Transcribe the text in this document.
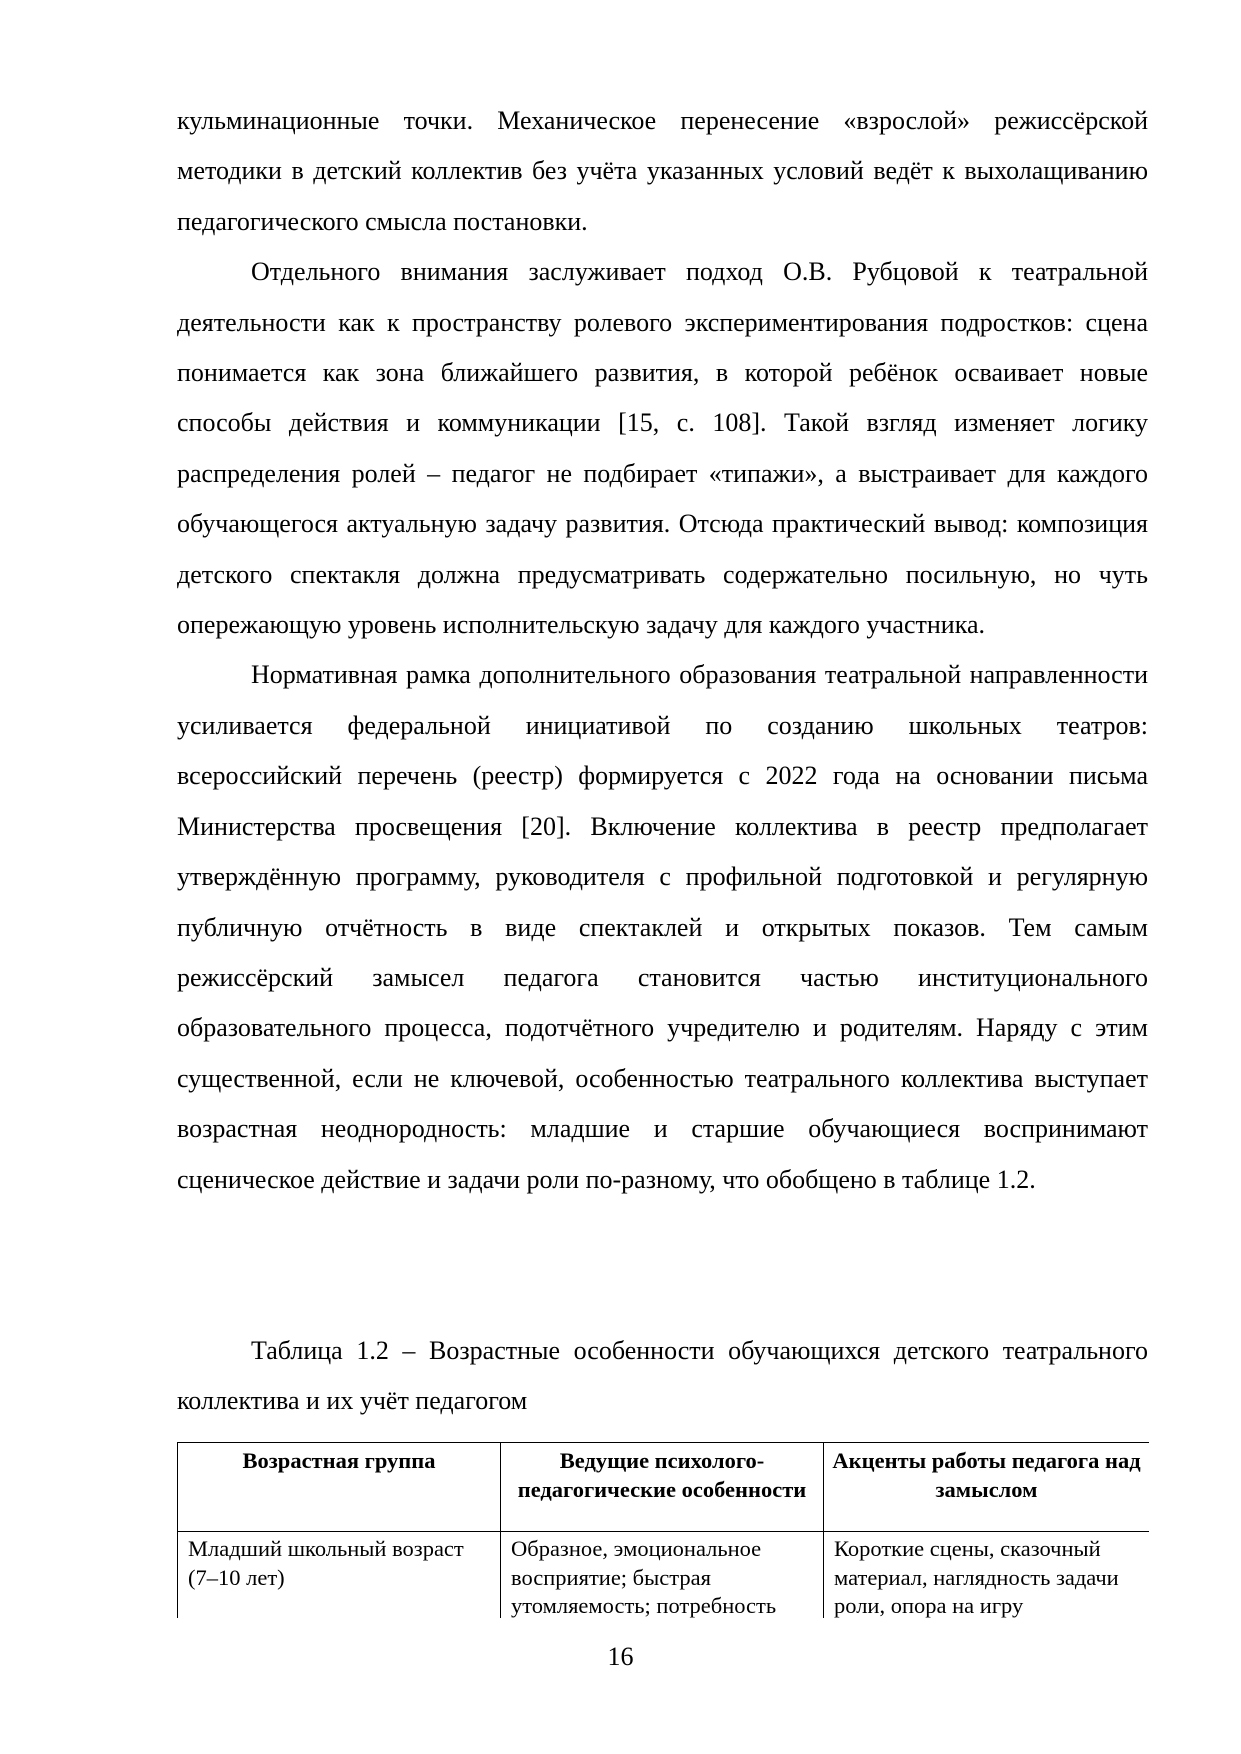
кульминационные точки. Механическое перенесение «взрослой» режиссёрской методики в детский коллектив без учёта указанных условий ведёт к выхолащиванию педагогического смысла постановки.

Отдельного внимания заслуживает подход О.В. Рубцовой к театральной деятельности как к пространству ролевого экспериментирования подростков: сцена понимается как зона ближайшего развития, в которой ребёнок осваивает новые способы действия и коммуникации [15, с. 108]. Такой взгляд изменяет логику распределения ролей – педагог не подбирает «типажи», а выстраивает для каждого обучающегося актуальную задачу развития. Отсюда практический вывод: композиция детского спектакля должна предусматривать содержательно посильную, но чуть опережающую уровень исполнительскую задачу для каждого участника.

Нормативная рамка дополнительного образования театральной направленности усиливается федеральной инициативой по созданию школьных театров: всероссийский перечень (реестр) формируется с 2022 года на основании письма Министерства просвещения [20]. Включение коллектива в реестр предполагает утверждённую программу, руководителя с профильной подготовкой и регулярную публичную отчётность в виде спектаклей и открытых показов. Тем самым режиссёрский замысел педагога становится частью институционального образовательного процесса, подотчётного учредителю и родителям. Наряду с этим существенной, если не ключевой, особенностью театрального коллектива выступает возрастная неоднородность: младшие и старшие обучающиеся воспринимают сценическое действие и задачи роли по-разному, что обобщено в таблице 1.2.

Таблица 1.2 – Возрастные особенности обучающихся детского театрального коллектива и их учёт педагогом

Возрастная группа	Ведущие психолого-педагогические особенности	Акценты работы педагога над замыслом
Младший школьный возраст (7–10 лет)	Образное, эмоциональное восприятие; быстрая утомляемость; потребность	Короткие сцены, сказочный материал, наглядность задачи роли, опора на игру
16
